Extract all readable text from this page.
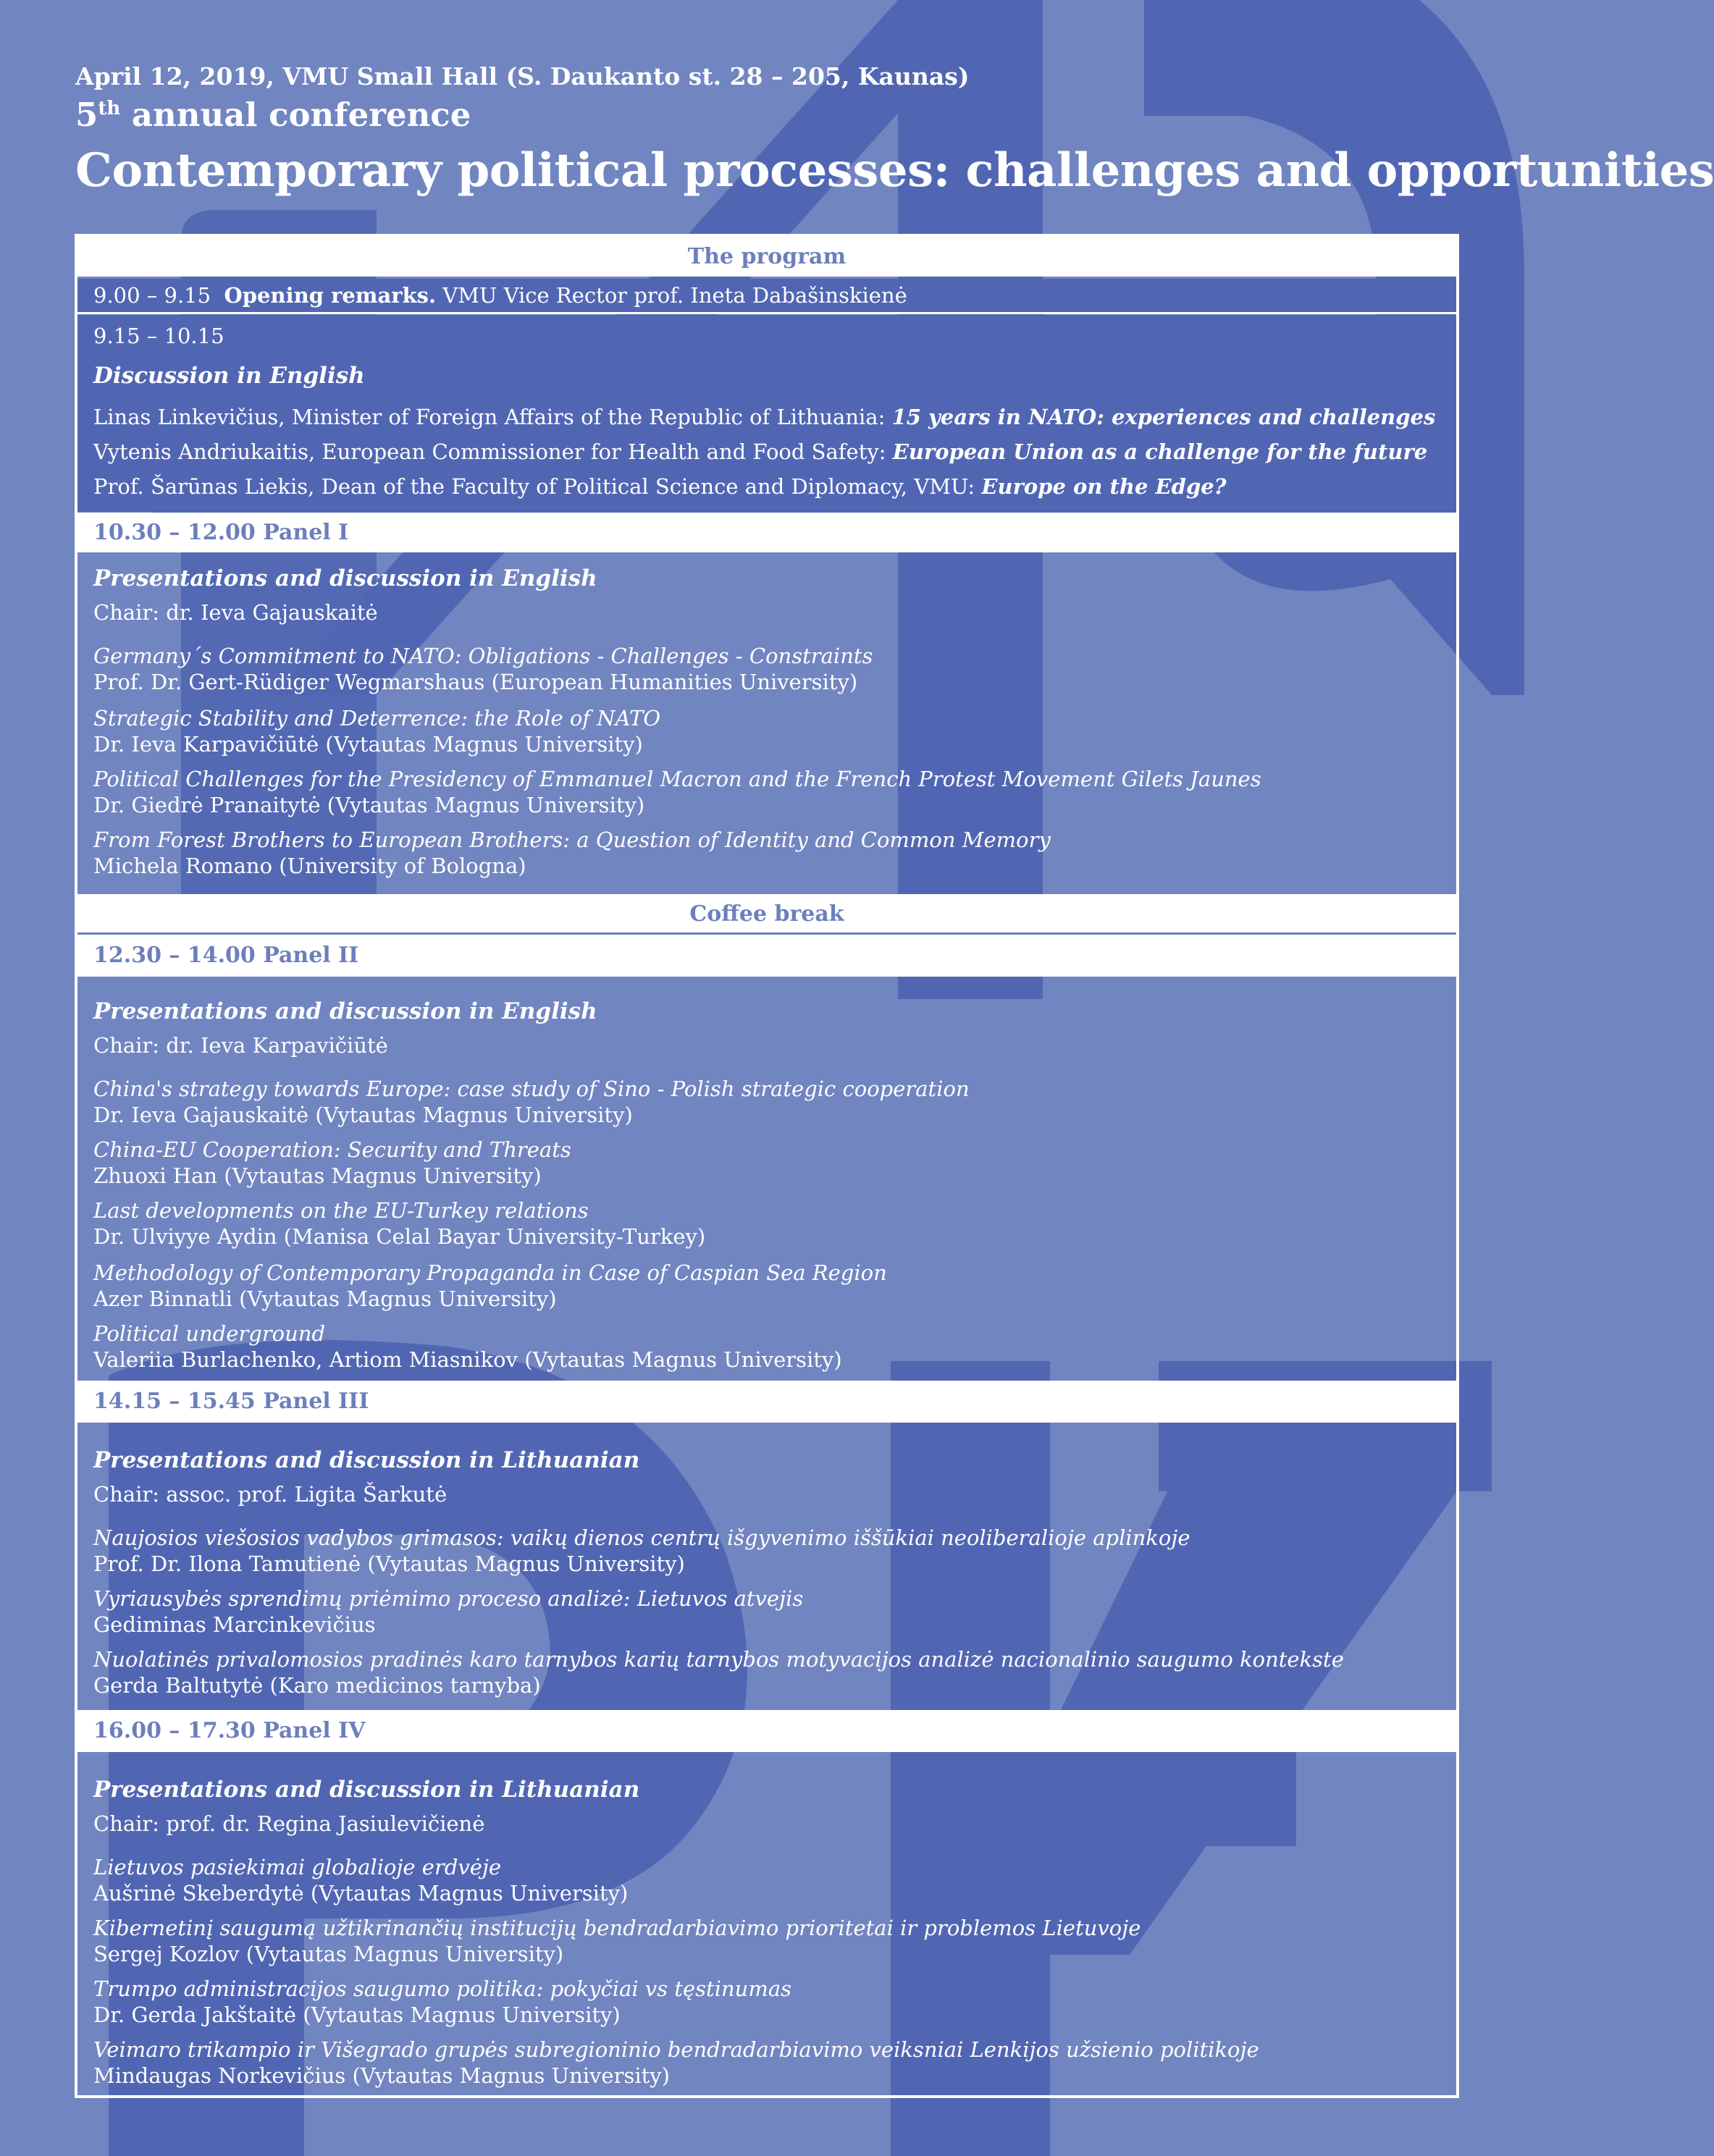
April 12, 2019, VMU Small Hall (S. Daukanto st. 28 – 205, Kaunas)
5th annual conference
Contemporary political processes: challenges and opportunities
The program
9.00 – 9.15 Opening remarks. VMU Vice Rector prof. Ineta Dabašinskienė
9.15 – 10.15
Discussion in English
Linas Linkevičius, Minister of Foreign Affairs of the Republic of Lithuania: 15 years in NATO: experiences and challenges
Vytenis Andriukaitis, European Commissioner for Health and Food Safety: European Union as a challenge for the future
Prof. Šarūnas Liekis, Dean of the Faculty of Political Science and Diplomacy, VMU: Europe on the Edge?
10.30 – 12.00 Panel I
Presentations and discussion in English
Chair: dr. Ieva Gajauskaitė
Germany´s Commitment to NATO: Obligations - Challenges - Constraints
Prof. Dr. Gert-Rüdiger Wegmarshaus (European Humanities University)
Strategic Stability and Deterrence: the Role of NATO
Dr. Ieva Karpavičiūtė (Vytautas Magnus University)
Political Challenges for the Presidency of Emmanuel Macron and the French Protest Movement Gilets Jaunes
Dr. Giedrė Pranaitytė (Vytautas Magnus University)
From Forest Brothers to European Brothers: a Question of Identity and Common Memory
Michela Romano (University of Bologna)
Coffee break
12.30 – 14.00 Panel II
Presentations and discussion in English
Chair: dr. Ieva Karpavičiūtė
China's strategy towards Europe: case study of Sino - Polish strategic cooperation
Dr. Ieva Gajauskaitė (Vytautas Magnus University)
China-EU Cooperation: Security and Threats
Zhuoxi Han (Vytautas Magnus University)
Last developments on the EU-Turkey relations
Dr. Ulviyye Aydin (Manisa Celal Bayar University-Turkey)
Methodology of Contemporary Propaganda in Case of Caspian Sea Region
Azer Binnatli (Vytautas Magnus University)
Political underground
Valeriia Burlachenko, Artiom Miasnikov (Vytautas Magnus University)
14.15 – 15.45 Panel III
Presentations and discussion in Lithuanian
Chair: assoc. prof. Ligita Šarkutė
Naujosios viešosios vadybos grimasos: vaikų dienos centrų išgyvenimo iššūkiai neoliberalioje aplinkoje
Prof. Dr. Ilona Tamutienė (Vytautas Magnus University)
Vyriausybės sprendimų priėmimo proceso analizė: Lietuvos atvejis
Gediminas Marcinkevičius
Nuolatinės privalomosios pradinės karo tarnybos karių tarnybos motyvacijos analizė nacionalinio saugumo kontekste
Gerda Baltutytė (Karo medicinos tarnyba)
16.00 – 17.30 Panel IV
Presentations and discussion in Lithuanian
Chair: prof. dr. Regina Jasiulevičienė
Lietuvos pasiekimai globalioje erdvėje
Aušrinė Skeberdytė (Vytautas Magnus University)
Kibernetinį saugumą užtikrinančių institucijų bendradarbiavimo prioritetai ir problemos Lietuvoje
Sergej Kozlov (Vytautas Magnus University)
Trumpo administracijos saugumo politika: pokyčiai vs tęstinumas
Dr. Gerda Jakštaitė (Vytautas Magnus University)
Veimaro trikampio ir Višegrado grupės subregioninio bendradarbiavimo veiksniai Lenkijos užsienio politikoje
Mindaugas Norkevičius (Vytautas Magnus University)
